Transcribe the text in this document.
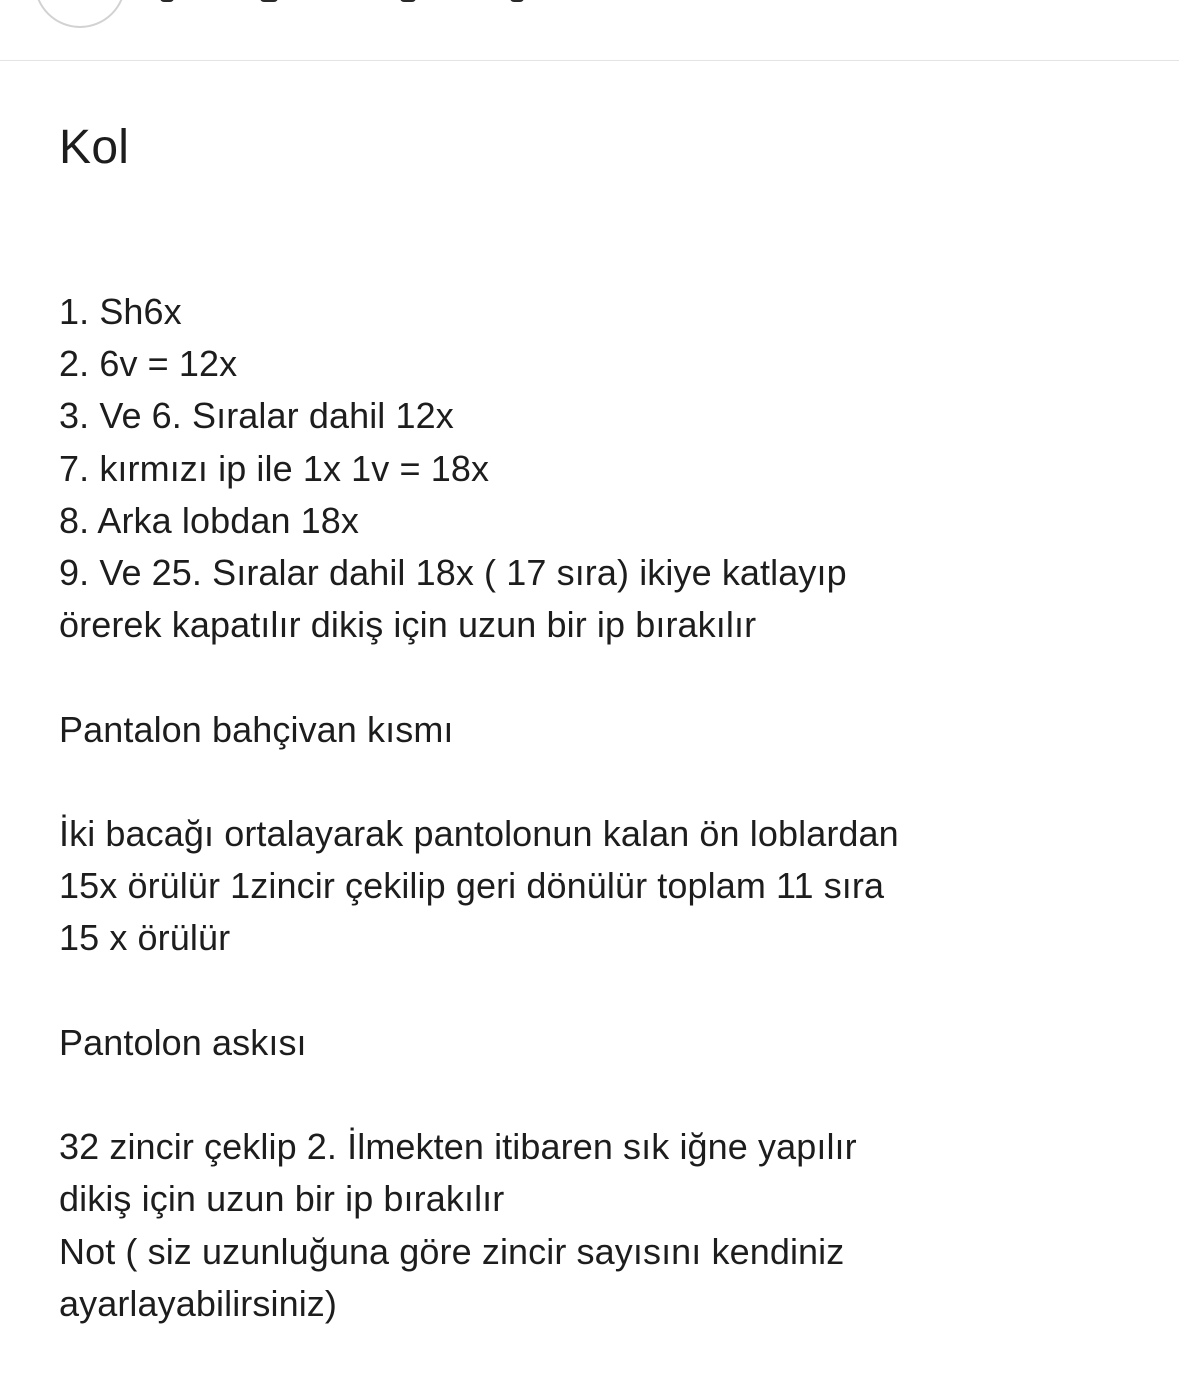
Kol
1. Sh6x
2. 6v = 12x
3. Ve 6. Sıralar dahil 12x
7. kırmızı ip ile 1x 1v = 18x
8. Arka lobdan 18x
9. Ve 25. Sıralar dahil 18x ( 17 sıra) ikiye katlayıp
örerek kapatılır dikiş için uzun bir ip bırakılır
Pantalon bahçivan kısmı
İki bacağı ortalayarak pantolonun kalan ön loblardan
15x örülür 1zincir çekilip geri dönülür toplam 11 sıra
15 x örülür
Pantolon askısı
32 zincir çeklip 2. İlmekten itibaren sık iğne yapılır
dikiş için uzun bir ip bırakılır
Not ( siz uzunluğuna göre zincir sayısını kendiniz
ayarlayabilirsiniz)
